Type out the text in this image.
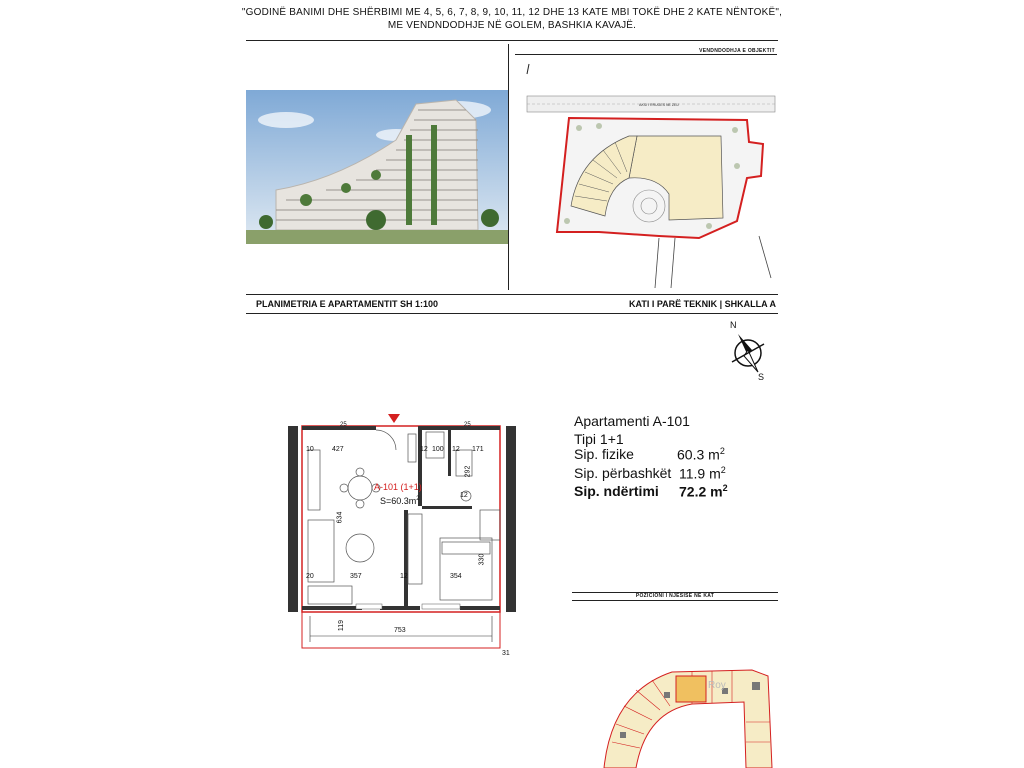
"GODINË BANIMI DHE SHËRBIMI ME 4, 5, 6, 7, 8, 9, 10, 11, 12 DHE 13 KATE MBI TOKË DHE 2 KATE NËNTOKË",
ME VENDNDODHJE NË GOLEM, BASHKIA KAVAJË.
VENDNDODHJA E OBJEKTIT
AKSI I RRUGES NE ZEU
PLANIMETRIA E APARTAMENTIT SH 1:100	KATI I PARË TEKNIK | SHKALLA A
N
S
A-101 (1+1)
$S=60.3m^2$
427	100	171
292
634
330
357	354
119	753
31
10
20
12	12
12
12
25	25	Apartamenti A-101
Tipi 1+1
Sip. fizike	60.3 $m^2$
Sip. përbashkët 11.9 $m^2$
Sip. ndërtimi 72.2 $m^2$
POZICIONI I NJËSISË NË KAT
Roy
